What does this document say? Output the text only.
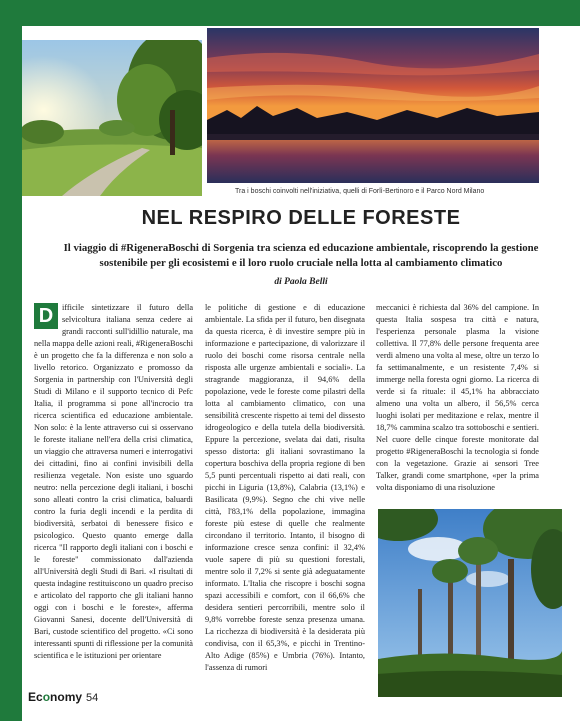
Tra i boschi coinvolti nell'iniziativa, quelli di Forlì-Bertinoro e il Parco Nord Milano
NEL RESPIRO DELLE FORESTE
Il viaggio di #RigeneraBoschi di Sorgenia tra scienza ed educazione ambientale, riscoprendo la gestione sostenibile per gli ecosistemi e il loro ruolo cruciale nella lotta al cambiamento climatico
di Paola Belli
D	ifficile sintetizzare il futuro della selvicoltura italiana senza cedere ai grandi racconti sull'idillio naturale, ma nella mappa delle azioni reali, #RigeneraBoschi è un progetto che fa la differenza e non solo a livello retorico. Organizzato e promosso da Sorgenia in partnership con l'Università degli Studi di Milano e il supporto tecnico di Pefc Italia, il programma si pone all'incrocio tra ricerca scientifica ed educazione ambientale. Non solo: è la lente attraverso cui si osservano le foreste italiane nell'era della crisi climatica, un viaggio che attraversa numeri e interrogativi dei cittadini, fino ai confini invisibili della resilienza vegetale. Non esiste uno sguardo neutro: nella percezione degli italiani, i boschi sono alleati contro la crisi climatica, baluardi contro la furia degli incendi e la perdita di biodiversità, serbatoi di benessere fisico e psicologico. Questo quanto emerge dalla ricerca "Il rapporto degli italiani con i boschi e le foreste" commissionato dall'azienda all'Università degli Studi di Bari. «I risultati di questa indagine restituiscono un quadro preciso e articolato del rapporto che gli italiani hanno oggi con i boschi e le foreste», afferma Giovanni Sanesi, docente dell'Università di Bari, custode scientifico del progetto. «Ci sono interessanti spunti di riflessione per la comunità scientifica e le istituzioni per orientare

le politiche di gestione e di educazione ambientale. La sfida per il futuro, ben disegnata da questa ricerca, è di investire sempre più in informazione e partecipazione, di valorizzare il ruolo dei boschi come risorsa centrale nella risposta alle urgenze ambientali e sociali». La stragrande maggioranza, il 94,6% della popolazione, vede le foreste come pilastri della lotta al cambiamento climatico, con una sensibilità crescente rispetto ai temi del dissesto idrogeologico e della tutela della biodiversità. Eppure la percezione, svelata dai dati, risulta spesso distorta: gli italiani sovrastimano la copertura boschiva della propria regione di ben 5,5 punti percentuali rispetto ai dati reali, con picchi in Liguria (13,8%), Calabria (13,1%) e Basilicata (9,9%). Segno che chi vive nelle città, l'83,1% della popolazione, immagina foreste più estese di quelle che realmente circondano il territorio. Intanto, il bisogno di informazione cresce senza confini: il 32,4% vuole sapere di più su questioni forestali, mentre solo il 7,2% si sente già adeguatamente informato. L'Italia che riscopre i boschi sogna spazi accessibili e comfort, con il 66,6% che desidera sentieri percorribili, mentre solo il 9,8% vorrebbe foreste senza presenza umana. La ricchezza di biodiversità è la desiderata più condivisa, con il 65,3%, e picchi in Trentino-Alto Adige (85%) e Umbria (76%). Intanto, l'assenza di rumori

meccanici è richiesta dal 36% del campione. In questa Italia sospesa tra città e natura, l'esperienza personale plasma la visione collettiva. Il 77,8% delle persone frequenta aree verdi almeno una volta al mese, oltre un terzo lo fa settimanalmente, e un resistente 7,4% si immerge nella foresta ogni giorno. La ricerca di verde si fa rituale: il 45,1% ha abbracciato almeno una volta un albero, il 56,5% cerca luoghi isolati per meditazione e relax, mentre il 18,7% cammina scalzo tra sottoboschi e sentieri. Nel cuore delle cinque foreste monitorate dal progetto #RigeneraBoschi la tecnologia si fonde con la vegetazione. Grazie ai sensori Tree Talker, grandi come smartphone, «per la prima volta disponiamo di una risoluzione

Economy 54
